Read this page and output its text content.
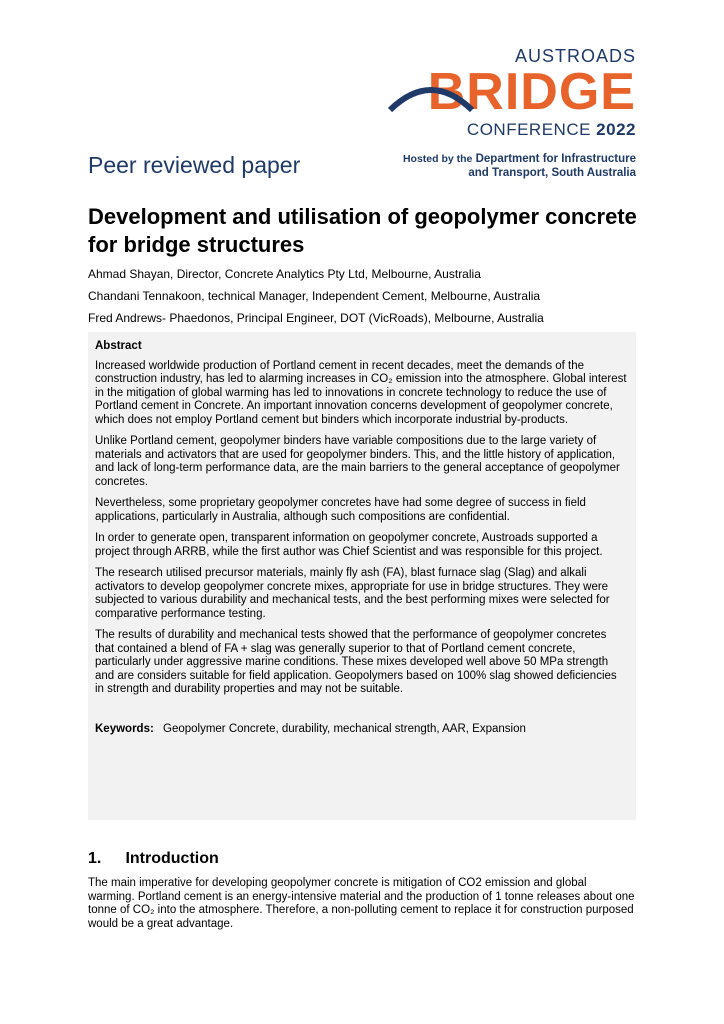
AUSTROADS
BRIDGE
CONFERENCE 2022
Peer reviewed paper	Hosted by the Department for Infrastructure
and Transport, South Australia
Development and utilisation of geopolymer concrete for bridge structures
Ahmad Shayan, Director, Concrete Analytics Pty Ltd, Melbourne, Australia
Chandani Tennakoon, technical Manager, Independent Cement, Melbourne, Australia
Fred Andrews- Phaedonos, Principal Engineer, DOT (VicRoads), Melbourne, Australia
Abstract

Increased worldwide production of Portland cement in recent decades, meet the demands of the construction industry, has led to alarming increases in CO₂ emission into the atmosphere. Global interest in the mitigation of global warming has led to innovations in concrete technology to reduce the use of Portland cement in Concrete. An important innovation concerns development of geopolymer concrete, which does not employ Portland cement but binders which incorporate industrial by-products.

Unlike Portland cement, geopolymer binders have variable compositions due to the large variety of materials and activators that are used for geopolymer binders. This, and the little history of application, and lack of long-term performance data, are the main barriers to the general acceptance of geopolymer concretes.

Nevertheless, some proprietary geopolymer concretes have had some degree of success in field applications, particularly in Australia, although such compositions are confidential.

In order to generate open, transparent information on geopolymer concrete, Austroads supported a project through ARRB, while the first author was Chief Scientist and was responsible for this project.

The research utilised precursor materials, mainly fly ash (FA), blast furnace slag (Slag) and alkali activators to develop geopolymer concrete mixes, appropriate for use in bridge structures. They were subjected to various durability and mechanical tests, and the best performing mixes were selected for comparative performance testing.

The results of durability and mechanical tests showed that the performance of geopolymer concretes that contained a blend of FA + slag was generally superior to that of Portland cement concrete, particularly under aggressive marine conditions. These mixes developed well above 50 MPa strength and are considers suitable for field application. Geopolymers based on 100% slag showed deficiencies in strength and durability properties and may not be suitable.

Keywords: Geopolymer Concrete, durability, mechanical strength, AAR, Expansion
1. Introduction

The main imperative for developing geopolymer concrete is mitigation of CO2 emission and global warming. Portland cement is an energy-intensive material and the production of 1 tonne releases about one tonne of CO₂ into the atmosphere. Therefore, a non-polluting cement to replace it for construction purposed would be a great advantage.
